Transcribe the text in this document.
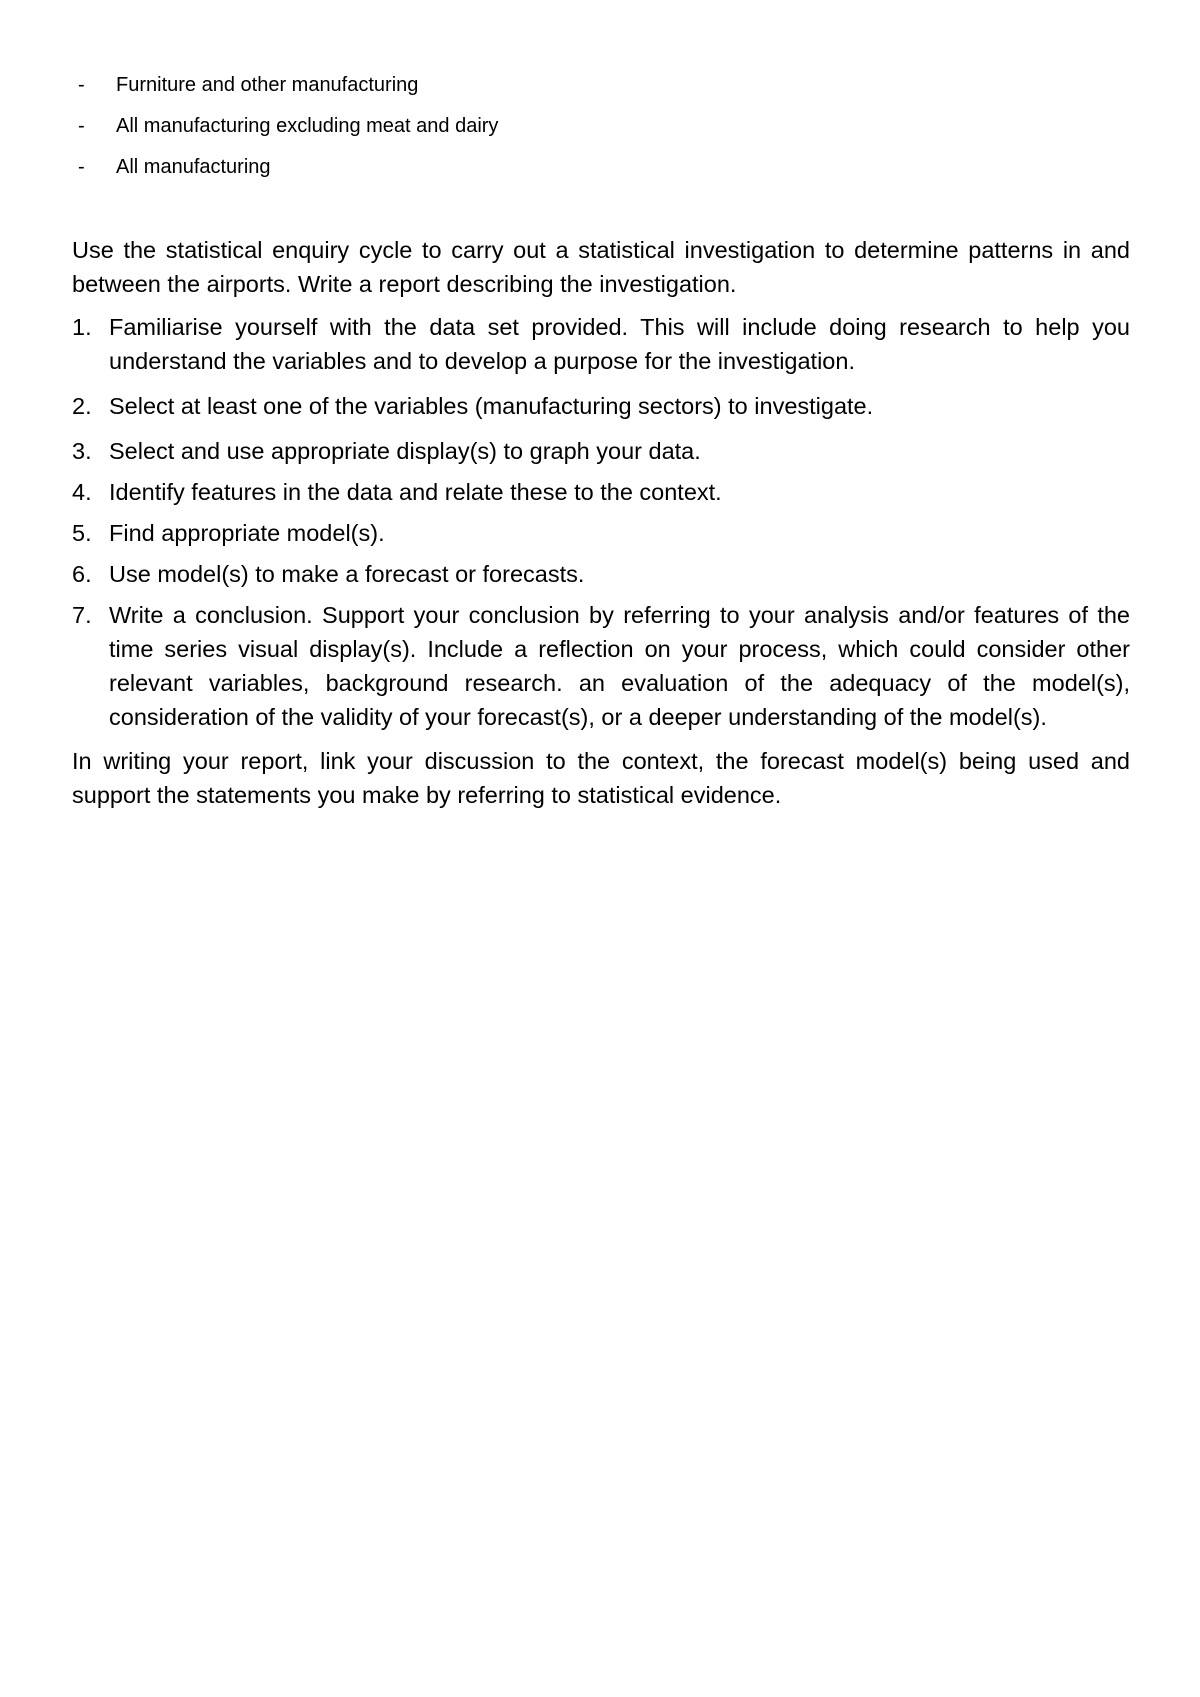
-	Furniture and other manufacturing
-	All manufacturing excluding meat and dairy
-	All manufacturing

Use the statistical enquiry cycle to carry out a statistical investigation to determine patterns in and between the airports. Write a report describing the investigation.

1. Familiarise yourself with the data set provided. This will include doing research to help you understand the variables and to develop a purpose for the investigation.
2. Select at least one of the variables (manufacturing sectors) to investigate.
3. Select and use appropriate display(s) to graph your data.
4. Identify features in the data and relate these to the context.
5. Find appropriate model(s).
6. Use model(s) to make a forecast or forecasts.
7. Write a conclusion. Support your conclusion by referring to your analysis and/or features of the time series visual display(s). Include a reflection on your process, which could consider other relevant variables, background research. an evaluation of the adequacy of the model(s), consideration of the validity of your forecast(s), or a deeper understanding of the model(s).

In writing your report, link your discussion to the context, the forecast model(s) being used and support the statements you make by referring to statistical evidence.
